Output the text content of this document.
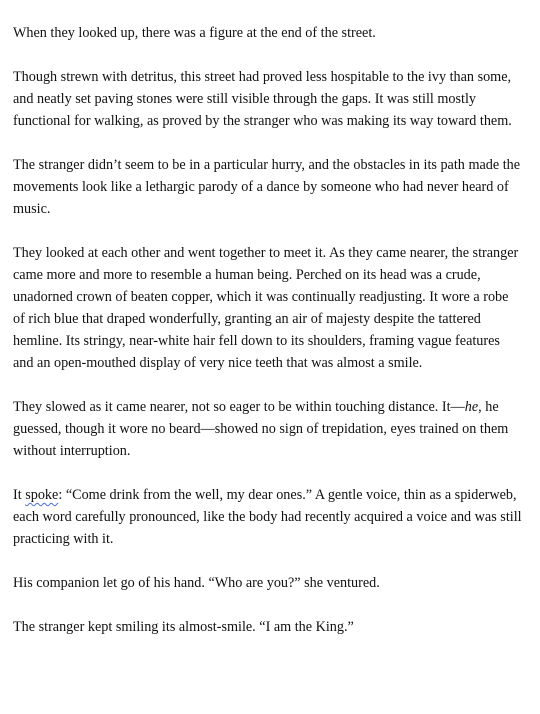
When they looked up, there was a figure at the end of the street.

Though strewn with detritus, this street had proved less hospitable to the ivy than some, and neatly set paving stones were still visible through the gaps. It was still mostly functional for walking, as proved by the stranger who was making its way toward them.

The stranger didn’t seem to be in a particular hurry, and the obstacles in its path made the movements look like a lethargic parody of a dance by someone who had never heard of music.

They looked at each other and went together to meet it. As they came nearer, the stranger came more and more to resemble a human being. Perched on its head was a crude, unadorned crown of beaten copper, which it was continually readjusting. It wore a robe of rich blue that draped wonderfully, granting an air of majesty despite the tattered hemline. Its stringy, near-white hair fell down to its shoulders, framing vague features and an open-mouthed display of very nice teeth that was almost a smile.

They slowed as it came nearer, not so eager to be within touching distance. It—he, he guessed, though it wore no beard—showed no sign of trepidation, eyes trained on them without interruption.

It spoke: “Come drink from the well, my dear ones.” A gentle voice, thin as a spiderweb, each word carefully pronounced, like the body had recently acquired a voice and was still practicing with it.

His companion let go of his hand. “Who are you?” she ventured.

The stranger kept smiling its almost-smile. “I am the King.”
